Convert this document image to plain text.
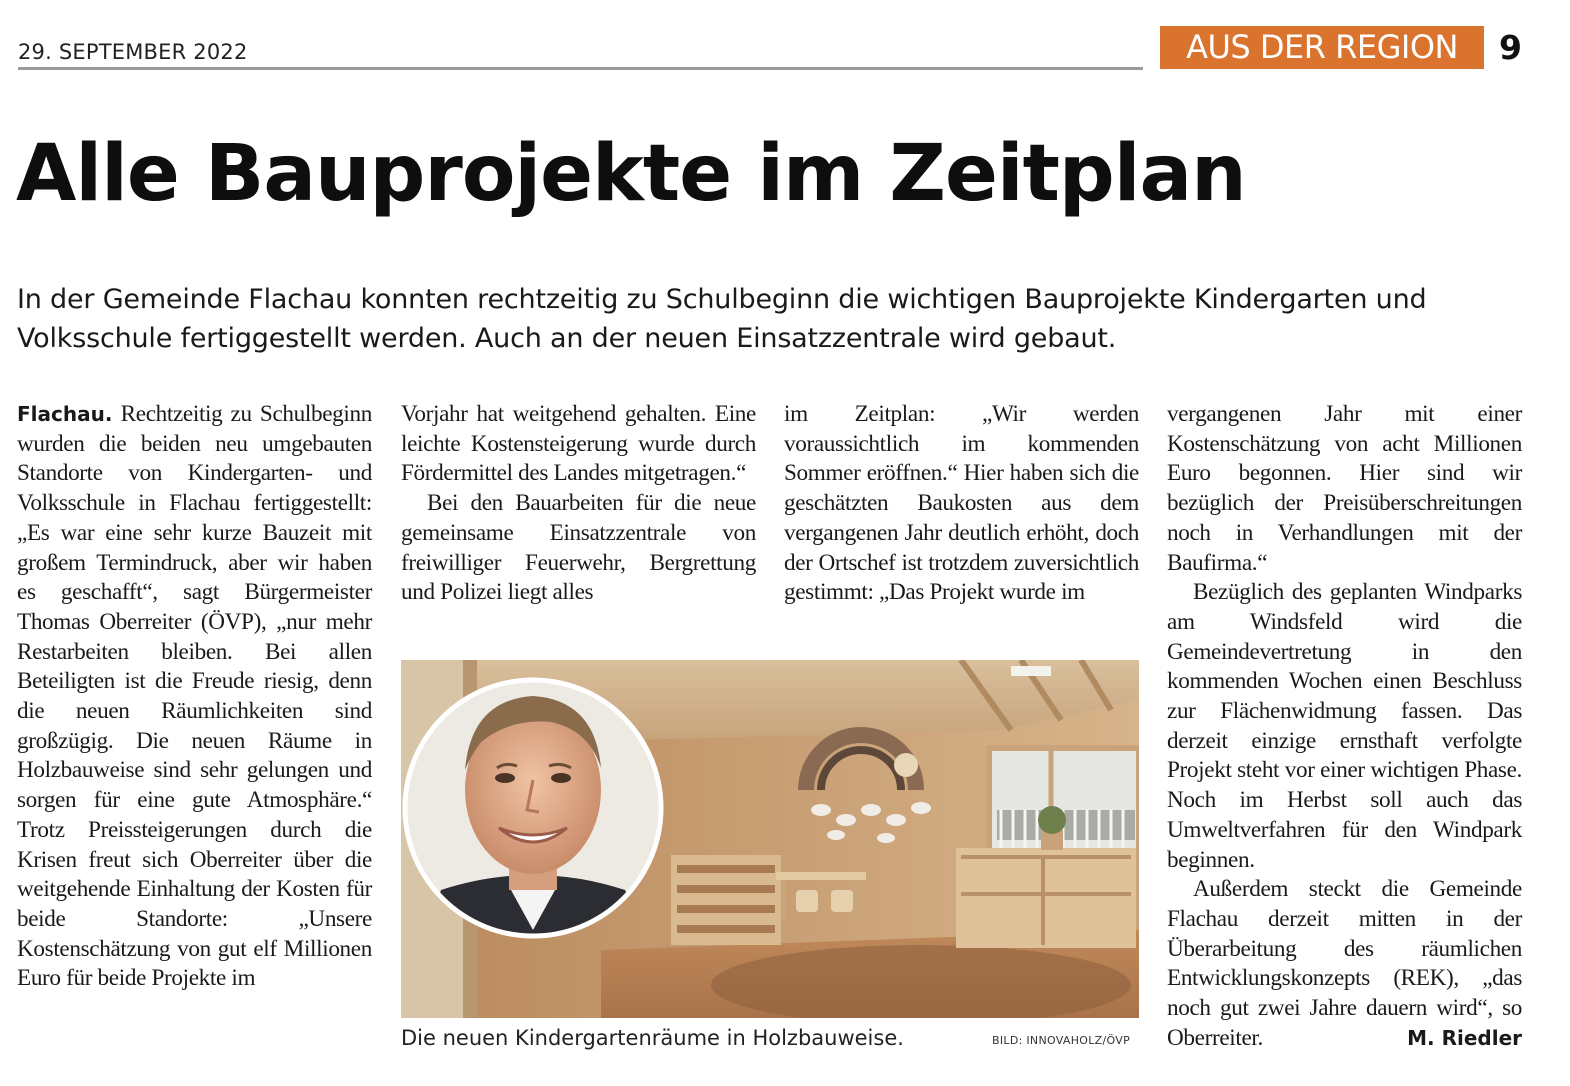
29. SEPTEMBER 2022	AUS DER REGION	9
Alle Bauprojekte im Zeitplan

In der Gemeinde Flachau konnten rechtzeitig zu Schulbeginn die wichtigen Bauprojekte Kindergarten und Volksschule fertiggestellt werden. Auch an der neuen Einsatzzentrale wird gebaut.

Flachau. Rechtzeitig zu Schulbeginn wurden die beiden neu umgebauten Standorte von Kindergarten- und Volksschule in Flachau fertiggestellt: „Es war eine sehr kurze Bauzeit mit großem Termindruck, aber wir haben es geschafft“, sagt Bürgermeister Thomas Oberreiter (ÖVP), „nur mehr Restarbeiten bleiben. Bei allen Beteiligten ist die Freude riesig, denn die neuen Räumlichkeiten sind großzügig. Die neuen Räume in Holzbauweise sind sehr gelungen und sorgen für eine gute Atmosphäre.“ Trotz Preissteigerungen durch die Krisen freut sich Oberreiter über die weitgehende Einhaltung der Kosten für beide Standorte: „Unsere Kostenschätzung von gut elf Millionen Euro für beide Projekte im

Vorjahr hat weitgehend gehalten. Eine leichte Kostensteigerung wurde durch Fördermittel des Landes mitgetragen.“

Bei den Bauarbeiten für die neue gemeinsame Einsatzzentrale von freiwilliger Feuerwehr, Bergrettung und Polizei liegt alles

im Zeitplan: „Wir werden voraussichtlich im kommenden Sommer eröffnen.“ Hier haben sich die geschätzten Baukosten aus dem vergangenen Jahr deutlich erhöht, doch der Ortschef ist trotzdem zuversichtlich gestimmt: „Das Projekt wurde im

vergangenen Jahr mit einer Kostenschätzung von acht Millionen Euro begonnen. Hier sind wir bezüglich der Preisüberschreitungen noch in Verhandlungen mit der Baufirma.“

Bezüglich des geplanten Windparks am Windsfeld wird die Gemeindevertretung in den kommenden Wochen einen Beschluss zur Flächenwidmung fassen. Das derzeit einzige ernsthaft verfolgte Projekt steht vor einer wichtigen Phase. Noch im Herbst soll auch das Umweltverfahren für den Windpark beginnen.

Außerdem steckt die Gemeinde Flachau derzeit mitten in der Überarbeitung des räumlichen Entwicklungskonzepts (REK), „das noch gut zwei Jahre dauern wird“, so Oberreiter.	M. Riedler

Die neuen Kindergartenräume in Holzbauweise.	BILD: INNOVAHOLZ/ÖVP
